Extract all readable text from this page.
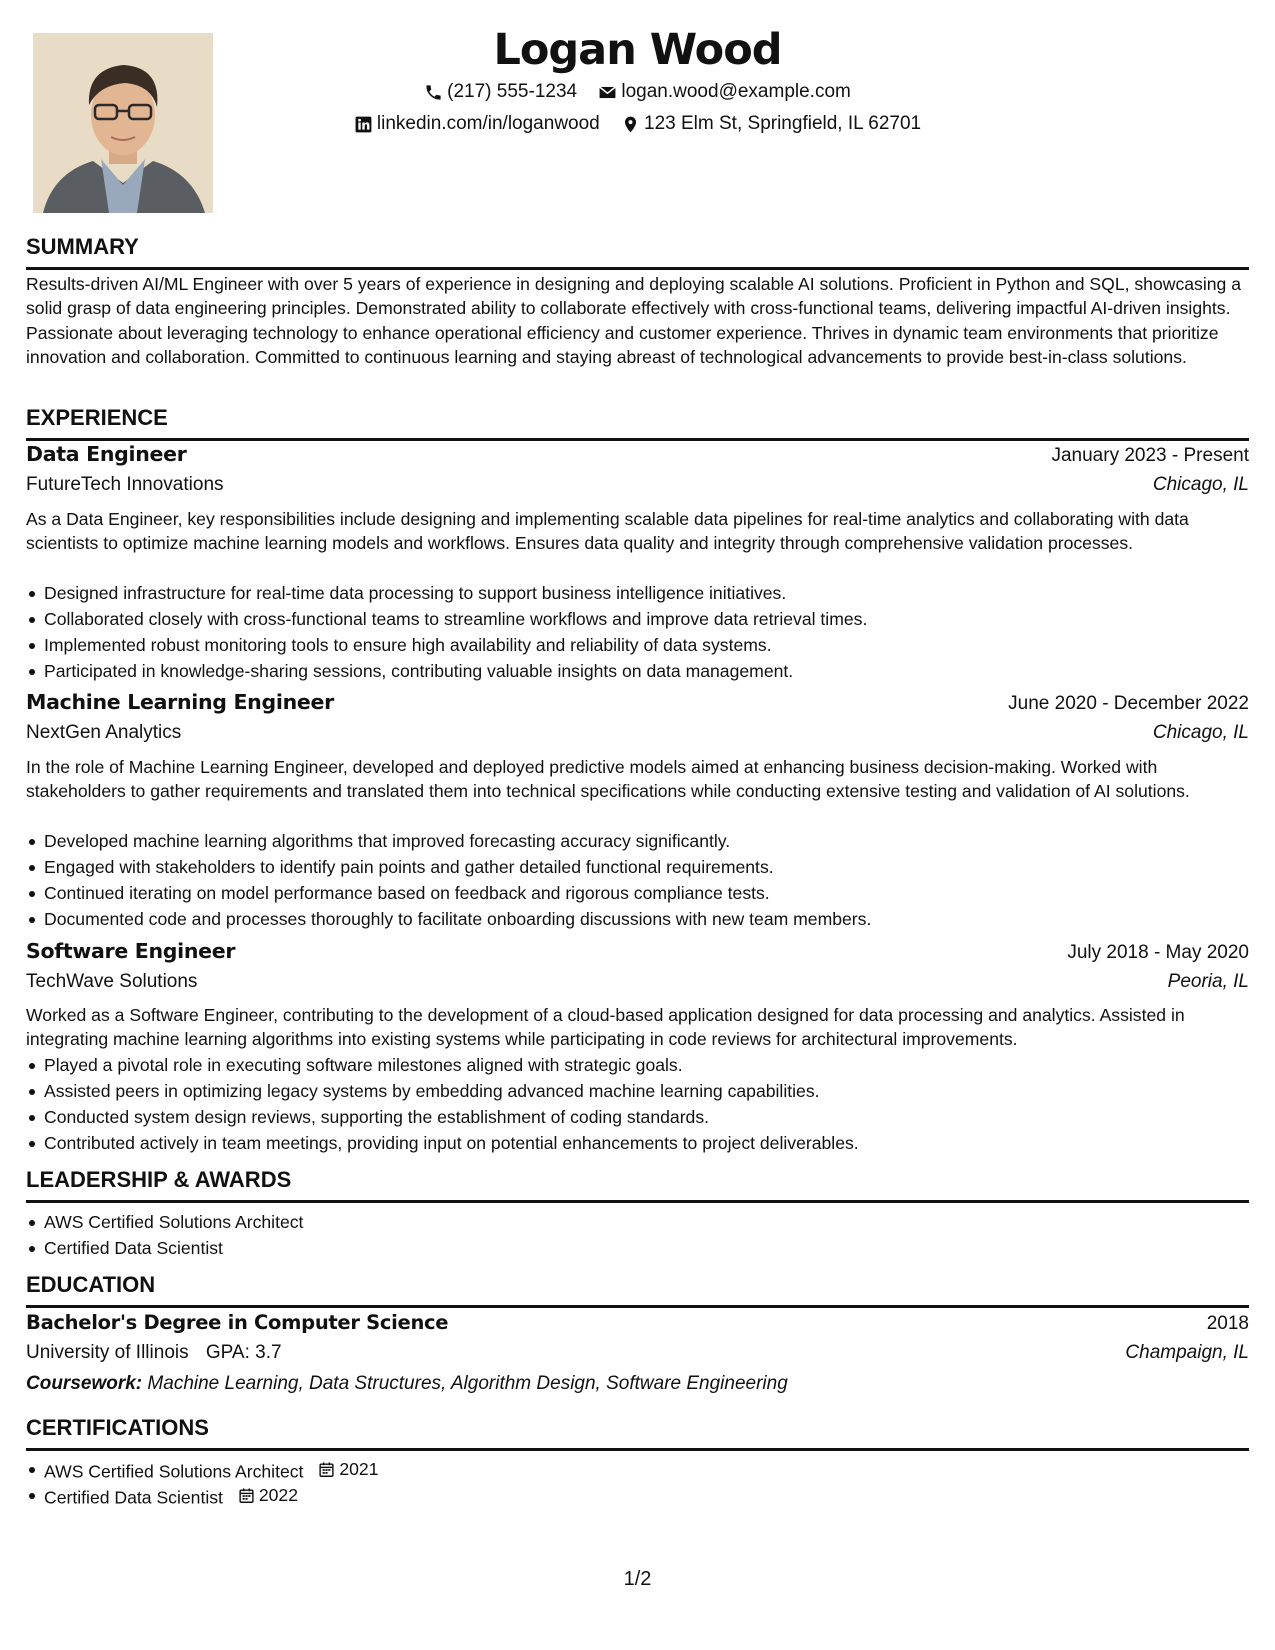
Logan Wood
(217) 555-1234
logan.wood@example.com
linkedin.com/in/loganwood
123 Elm St, Springfield, IL 62701
SUMMARY
Results-driven AI/ML Engineer with over 5 years of experience in designing and deploying scalable AI solutions. Proficient in Python and SQL, showcasing a solid grasp of data engineering principles. Demonstrated ability to collaborate effectively with cross-functional teams, delivering impactful AI-driven insights. Passionate about leveraging technology to enhance operational efficiency and customer experience. Thrives in dynamic team environments that prioritize innovation and collaboration. Committed to continuous learning and staying abreast of technological advancements to provide best-in-class solutions.
EXPERIENCE
Data Engineer	January 2023 - Present
FutureTech Innovations	Chicago, IL
As a Data Engineer, key responsibilities include designing and implementing scalable data pipelines for real-time analytics and collaborating with data scientists to optimize machine learning models and workflows. Ensures data quality and integrity through comprehensive validation processes.
Designed infrastructure for real-time data processing to support business intelligence initiatives.
Collaborated closely with cross-functional teams to streamline workflows and improve data retrieval times.
Implemented robust monitoring tools to ensure high availability and reliability of data systems.
Participated in knowledge-sharing sessions, contributing valuable insights on data management.
Machine Learning Engineer	June 2020 - December 2022
NextGen Analytics	Chicago, IL
In the role of Machine Learning Engineer, developed and deployed predictive models aimed at enhancing business decision-making. Worked with stakeholders to gather requirements and translated them into technical specifications while conducting extensive testing and validation of AI solutions.
Developed machine learning algorithms that improved forecasting accuracy significantly.
Engaged with stakeholders to identify pain points and gather detailed functional requirements.
Continued iterating on model performance based on feedback and rigorous compliance tests.
Documented code and processes thoroughly to facilitate onboarding discussions with new team members.
Software Engineer	July 2018 - May 2020
TechWave Solutions	Peoria, IL
Worked as a Software Engineer, contributing to the development of a cloud-based application designed for data processing and analytics. Assisted in integrating machine learning algorithms into existing systems while participating in code reviews for architectural improvements.
Played a pivotal role in executing software milestones aligned with strategic goals.
Assisted peers in optimizing legacy systems by embedding advanced machine learning capabilities.
Conducted system design reviews, supporting the establishment of coding standards.
Contributed actively in team meetings, providing input on potential enhancements to project deliverables.
LEADERSHIP & AWARDS
AWS Certified Solutions Architect
Certified Data Scientist
EDUCATION
Bachelor's Degree in Computer Science	2018
University of Illinois GPA: 3.7	Champaign, IL
Coursework: Machine Learning, Data Structures, Algorithm Design, Software Engineering
CERTIFICATIONS
AWS Certified Solutions Architect 2021
Certified Data Scientist 2022
1/2
